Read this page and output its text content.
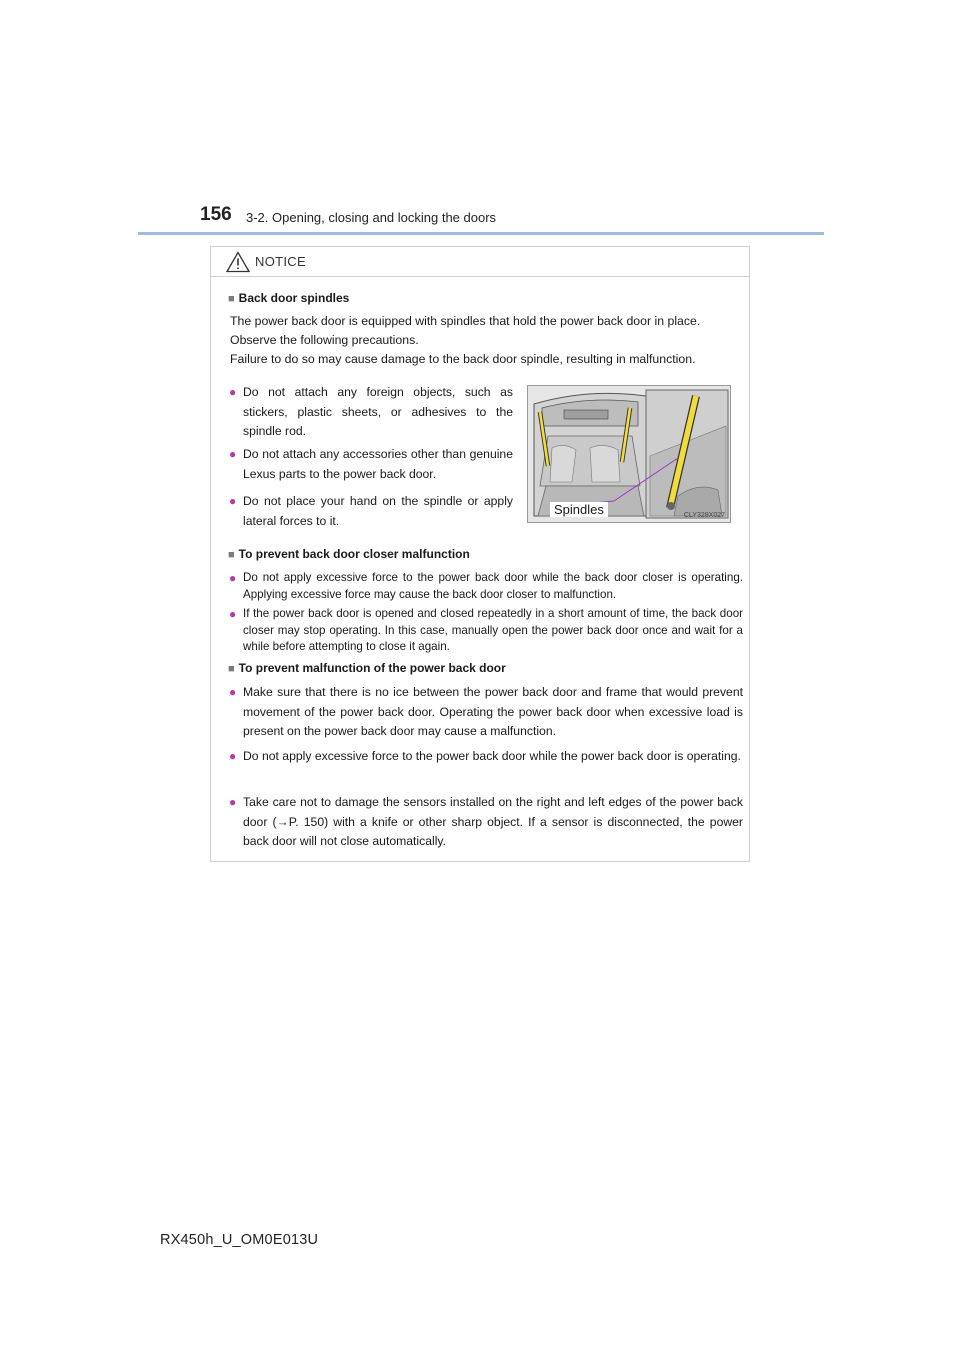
156 3-2. Opening, closing and locking the doors
NOTICE
■ Back door spindles
The power back door is equipped with spindles that hold the power back door in place.
Observe the following precautions.
Failure to do so may cause damage to the back door spindle, resulting in malfunction.
● Do not attach any foreign objects, such as stickers, plastic sheets, or adhesives to the spindle rod.
● Do not attach any accessories other than genuine Lexus parts to the power back door.
● Do not place your hand on the spindle or apply lateral forces to it.
Spindles	CLY328X027
■ To prevent back door closer malfunction
● Do not apply excessive force to the power back door while the back door closer is operating. Applying excessive force may cause the back door closer to malfunction.
● If the power back door is opened and closed repeatedly in a short amount of time, the back door closer may stop operating. In this case, manually open the power back door once and wait for a while before attempting to close it again.
■ To prevent malfunction of the power back door
● Make sure that there is no ice between the power back door and frame that would prevent movement of the power back door. Operating the power back door when excessive load is present on the power back door may cause a malfunction.
● Do not apply excessive force to the power back door while the power back door is operating.
● Take care not to damage the sensors installed on the right and left edges of the power back door (→P. 150) with a knife or other sharp object. If a sensor is disconnected, the power back door will not close automatically.
RX450h_U_OM0E013U
